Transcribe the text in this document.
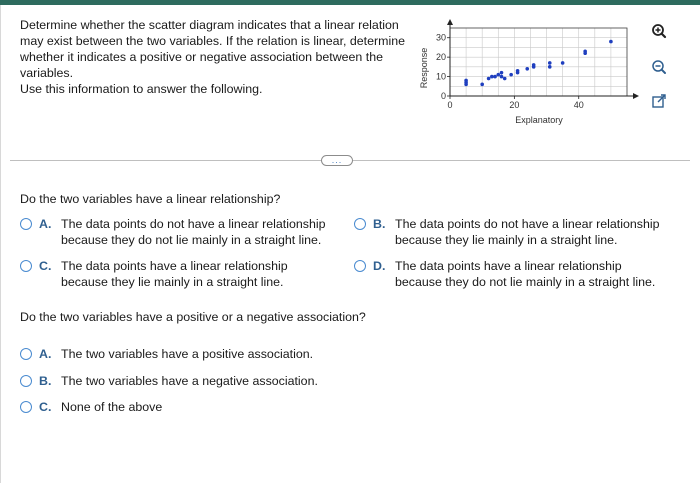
Determine whether the scatter diagram indicates that a linear relation may exist between the two variables. If the relation is linear, determine whether it indicates a positive or negative association between the variables.
Use this information to answer the following.
Response
Explanatory
0	20	40
0
10
20
30
...
Do the two variables have a linear relationship?
A. The data points do not have a linear relationship
because they do not lie mainly in a straight line.
B. The data points do not have a linear relationship
because they lie mainly in a straight line.
C. The data points have a linear relationship
because they lie mainly in a straight line.
D. The data points have a linear relationship
because they do not lie mainly in a straight line.
Do the two variables have a positive or a negative association?
A. The two variables have a positive association.
B. The two variables have a negative association.
C. None of the above
